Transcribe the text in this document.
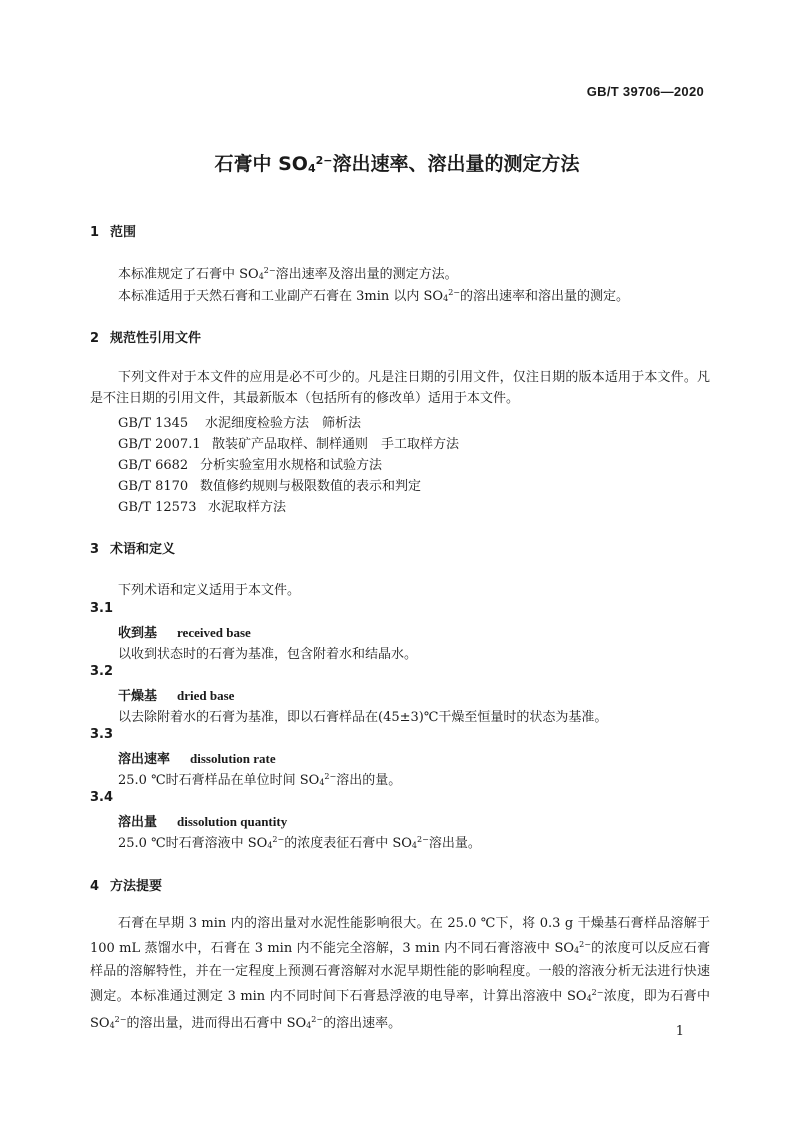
GB/T 39706—2020
石膏中 $SO4^{2-}$溶出速率、溶出量的测定方法
1 范围
本标准规定了石膏中 $SO_4^{2-}$溶出速率及溶出量的测定方法。
本标准适用于天然石膏和工业副产石膏在 3min 以内 $SO_4^{2-}$的溶出速率和溶出量的测定。
2 规范性引用文件
下列文件对于本文件的应用是必不可少的。凡是注日期的引用文件，仅注日期的版本适用于本文件。凡是不注日期的引用文件，其最新版本（包括所有的修改单）适用于本文件。
GB/T 1345 水泥细度检验方法　筛析法
GB/T 2007.1 散装矿产品取样、制样通则　手工取样方法
GB/T 6682 分析实验室用水规格和试验方法
GB/T 8170 数值修约规则与极限数值的表示和判定
GB/T 12573 水泥取样方法
3 术语和定义
下列术语和定义适用于本文件。
3.1
收到基 received base
以收到状态时的石膏为基准，包含附着水和结晶水。
3.2
干燥基 dried base
以去除附着水的石膏为基准，即以石膏样品在(45±3)℃干燥至恒量时的状态为基准。
3.3
溶出速率 dissolution rate
25.0 ℃时石膏样品在单位时间 $SO_4^{2-}$溶出的量。
3.4
溶出量 dissolution quantity
25.0 ℃时石膏溶液中 $SO_4^{2-}$的浓度表征石膏中 $SO_4^{2-}$溶出量。
4 方法提要
石膏在早期 3 min 内的溶出量对水泥性能影响很大。在 25.0 ℃下，将 0.3 g 干燥基石膏样品溶解于 100 mL 蒸馏水中，石膏在 3 min 内不能完全溶解，3 min 内不同石膏溶液中 $SO_4^{2-}$的浓度可以反应石膏样品的溶解特性，并在一定程度上预测石膏溶解对水泥早期性能的影响程度。一般的溶液分析无法进行快速测定。本标准通过测定 3 min 内不同时间下石膏悬浮液的电导率，计算出溶液中 $SO_4^{2-}$浓度，即为石膏中 $SO_4^{2-}$的溶出量，进而得出石膏中 $SO_4^{2-}$的溶出速率。
1
